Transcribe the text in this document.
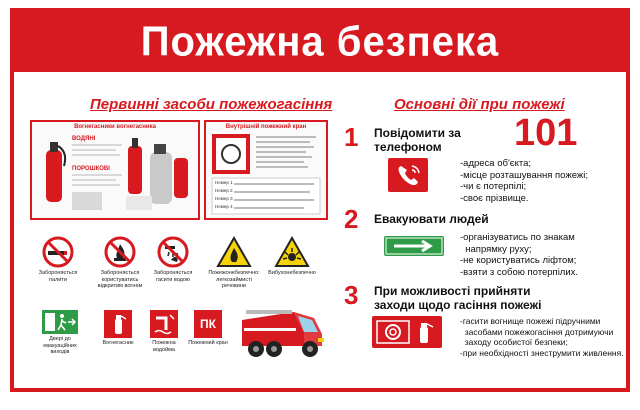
Пожежна безпека
Первинні засоби пожежогасіння
Вогнегасники вогнегасника
ВОДЯНІ
ПОРОШКОВІ
Внутрішній пожежний кран
Номер 1
Номер 2
Номер 3
Номер 4
Забороняється палити
Забороняється користуватись відкритим вогнем
Забороняється гасити водою
Пожежонебезпечно: легкозаймисті речовини
Вибухонебезпечно
Двері до евакуаційних виходів
Вогнегасник	Пожежна водойма
ПК
Пожежний кран
Основні дії при пожежі
1 Повідомити за телефоном	101
-адреса об'єкта;
-місце розташування пожежі;
-чи є потерпілі;
-своє прізвище.
2 Евакуювати людей
-організуватись по знакам
напрямку руху;
-не користуватись ліфтом;
-взяти з собою потерпілих.
3 При можливості прийняти заходи щодо гасіння пожежі
-гасити вогнище пожежі підручними
засобами пожежогасіння дотримуючи
заходу особистої безпеки;
-при необхідності знеструмити живлення.
